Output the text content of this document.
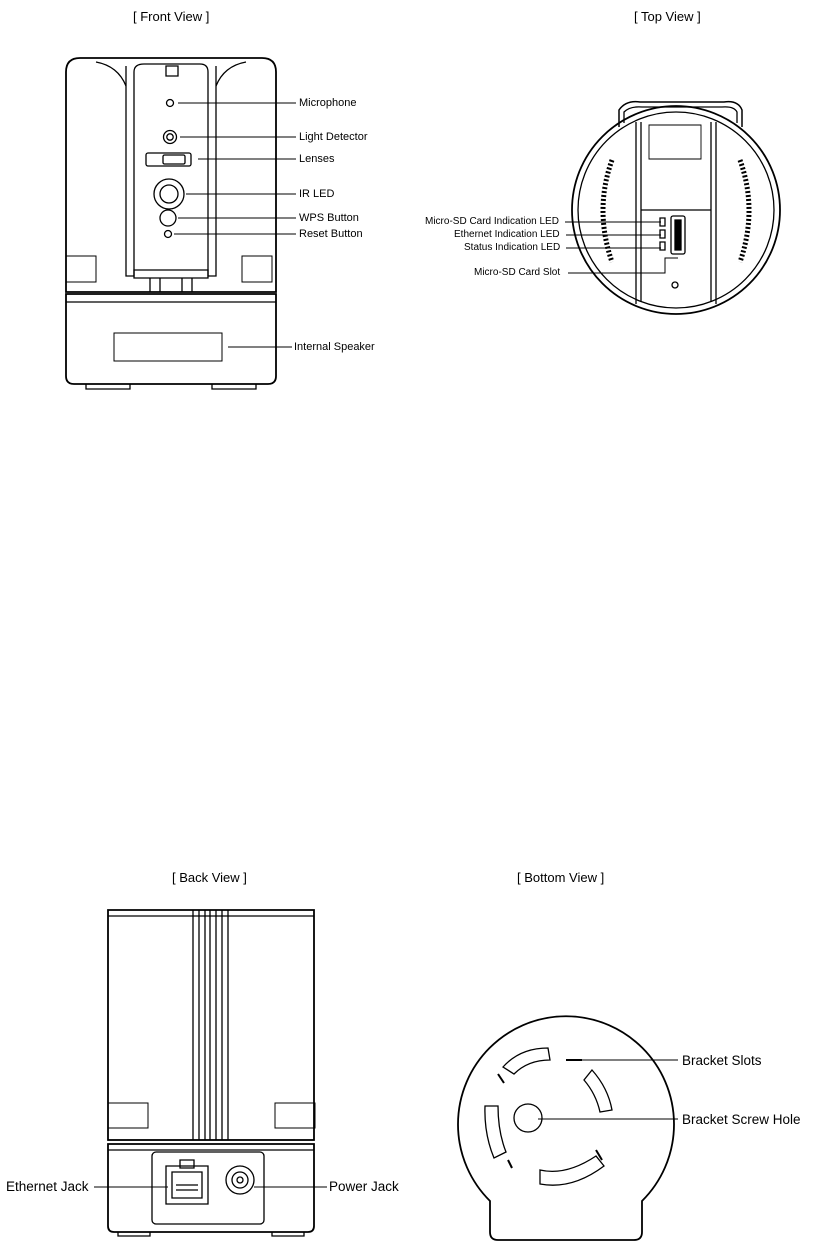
[ Front View ]	[ Top View ]
[ Back View ]	[ Bottom View ]
Microphone
Light Detector
Lenses
IR LED
WPS Button
Reset Button
Internal Speaker
Micro-SD Card Indication LED
Ethernet Indication LED
Status Indication LED
Micro-SD Card Slot
Ethernet Jack	Power Jack
Bracket Slots
Bracket Screw Hole
